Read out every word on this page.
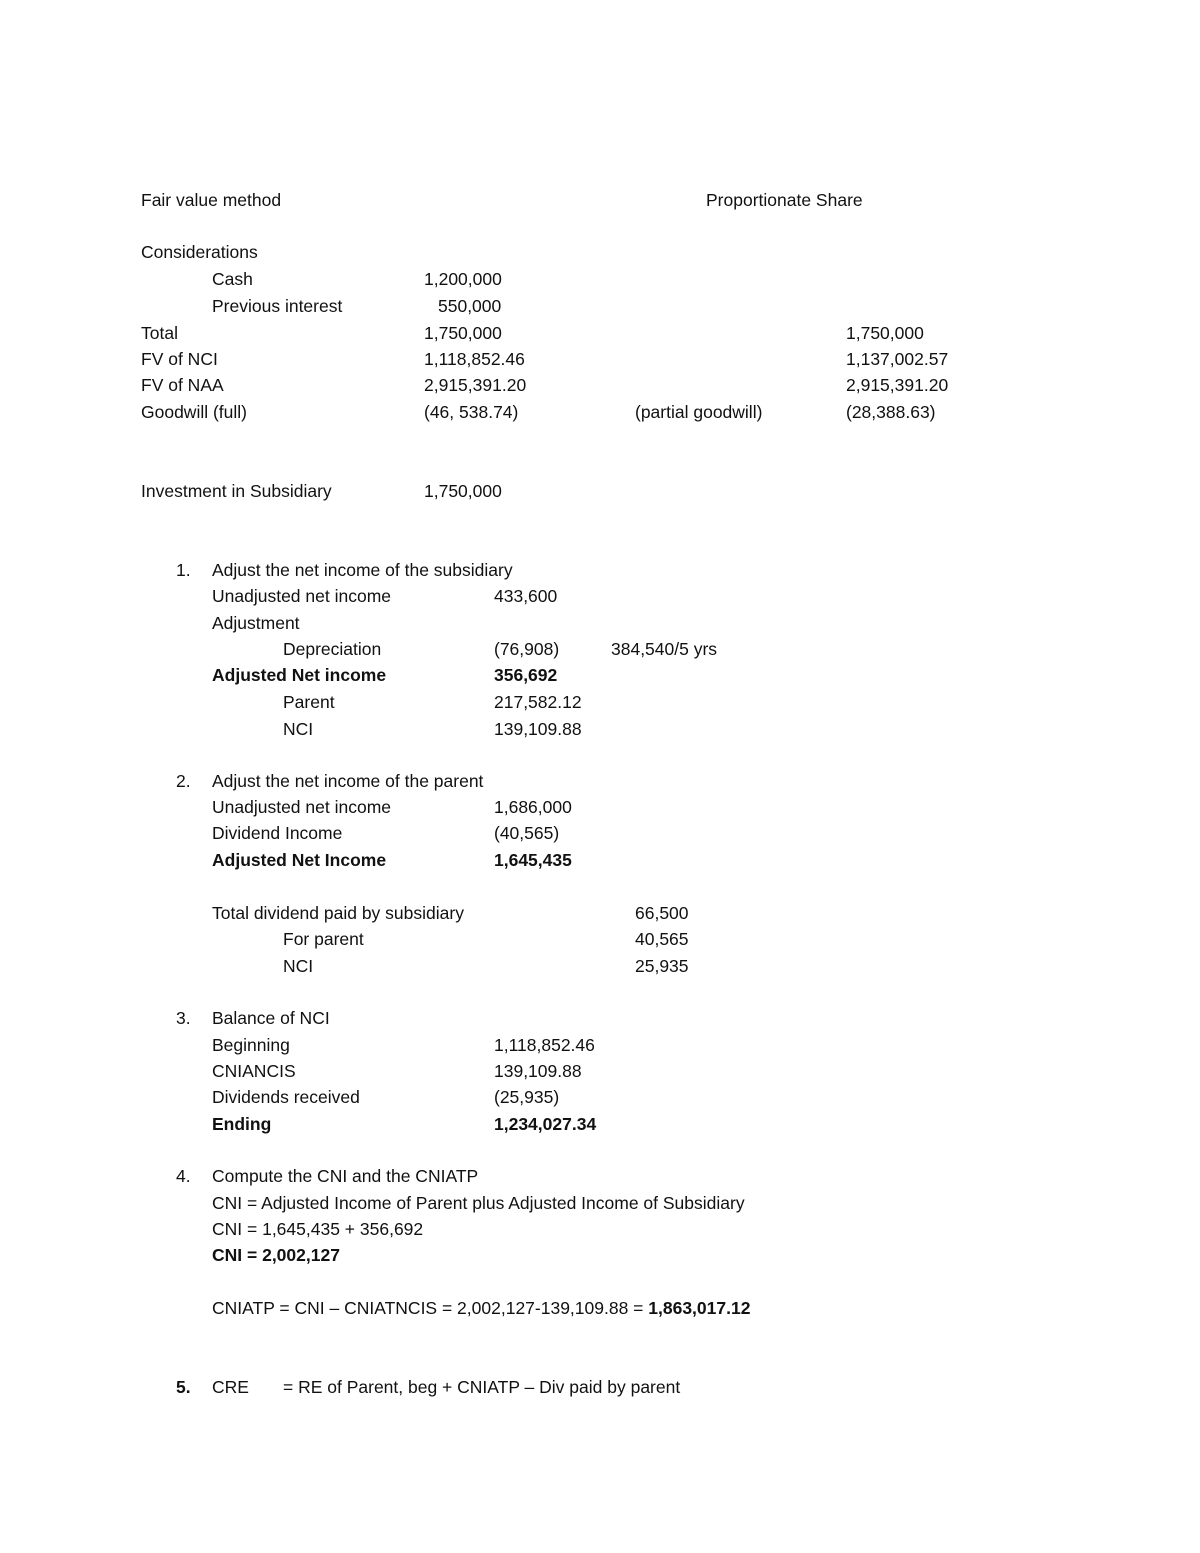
Fair value method	Proportionate Share
Considerations
Cash	1,200,000
Previous interest	550,000
Total	1,750,000	1,750,000
FV of NCI	1,118,852.46	1,137,002.57
FV of NAA	2,915,391.20	2,915,391.20
Goodwill (full)	(46, 538.74)	(partial goodwill)	(28,388.63)
Investment in Subsidiary	1,750,000
1. Adjust the net income of the subsidiary
Unadjusted net income	433,600
Adjustment
Depreciation	(76,908)	384,540/5 yrs
Adjusted Net income	356,692
Parent	217,582.12
NCI	139,109.88
2. Adjust the net income of the parent
Unadjusted net income	1,686,000
Dividend Income	(40,565)
Adjusted Net Income	1,645,435
Total dividend paid by subsidiary	66,500
For parent	40,565
NCI	25,935
3. Balance of NCI
Beginning	1,118,852.46
CNIANCIS	139,109.88
Dividends received	(25,935)
Ending	1,234,027.34
4. Compute the CNI and the CNIATP
CNI = Adjusted Income of Parent plus Adjusted Income of Subsidiary
CNI = 1,645,435 + 356,692
CNI = 2,002,127
CNIATP = CNI – CNIATNCIS = 2,002,127-139,109.88 = 1,863,017.12
5. CRE = RE of Parent, beg + CNIATP – Div paid by parent
